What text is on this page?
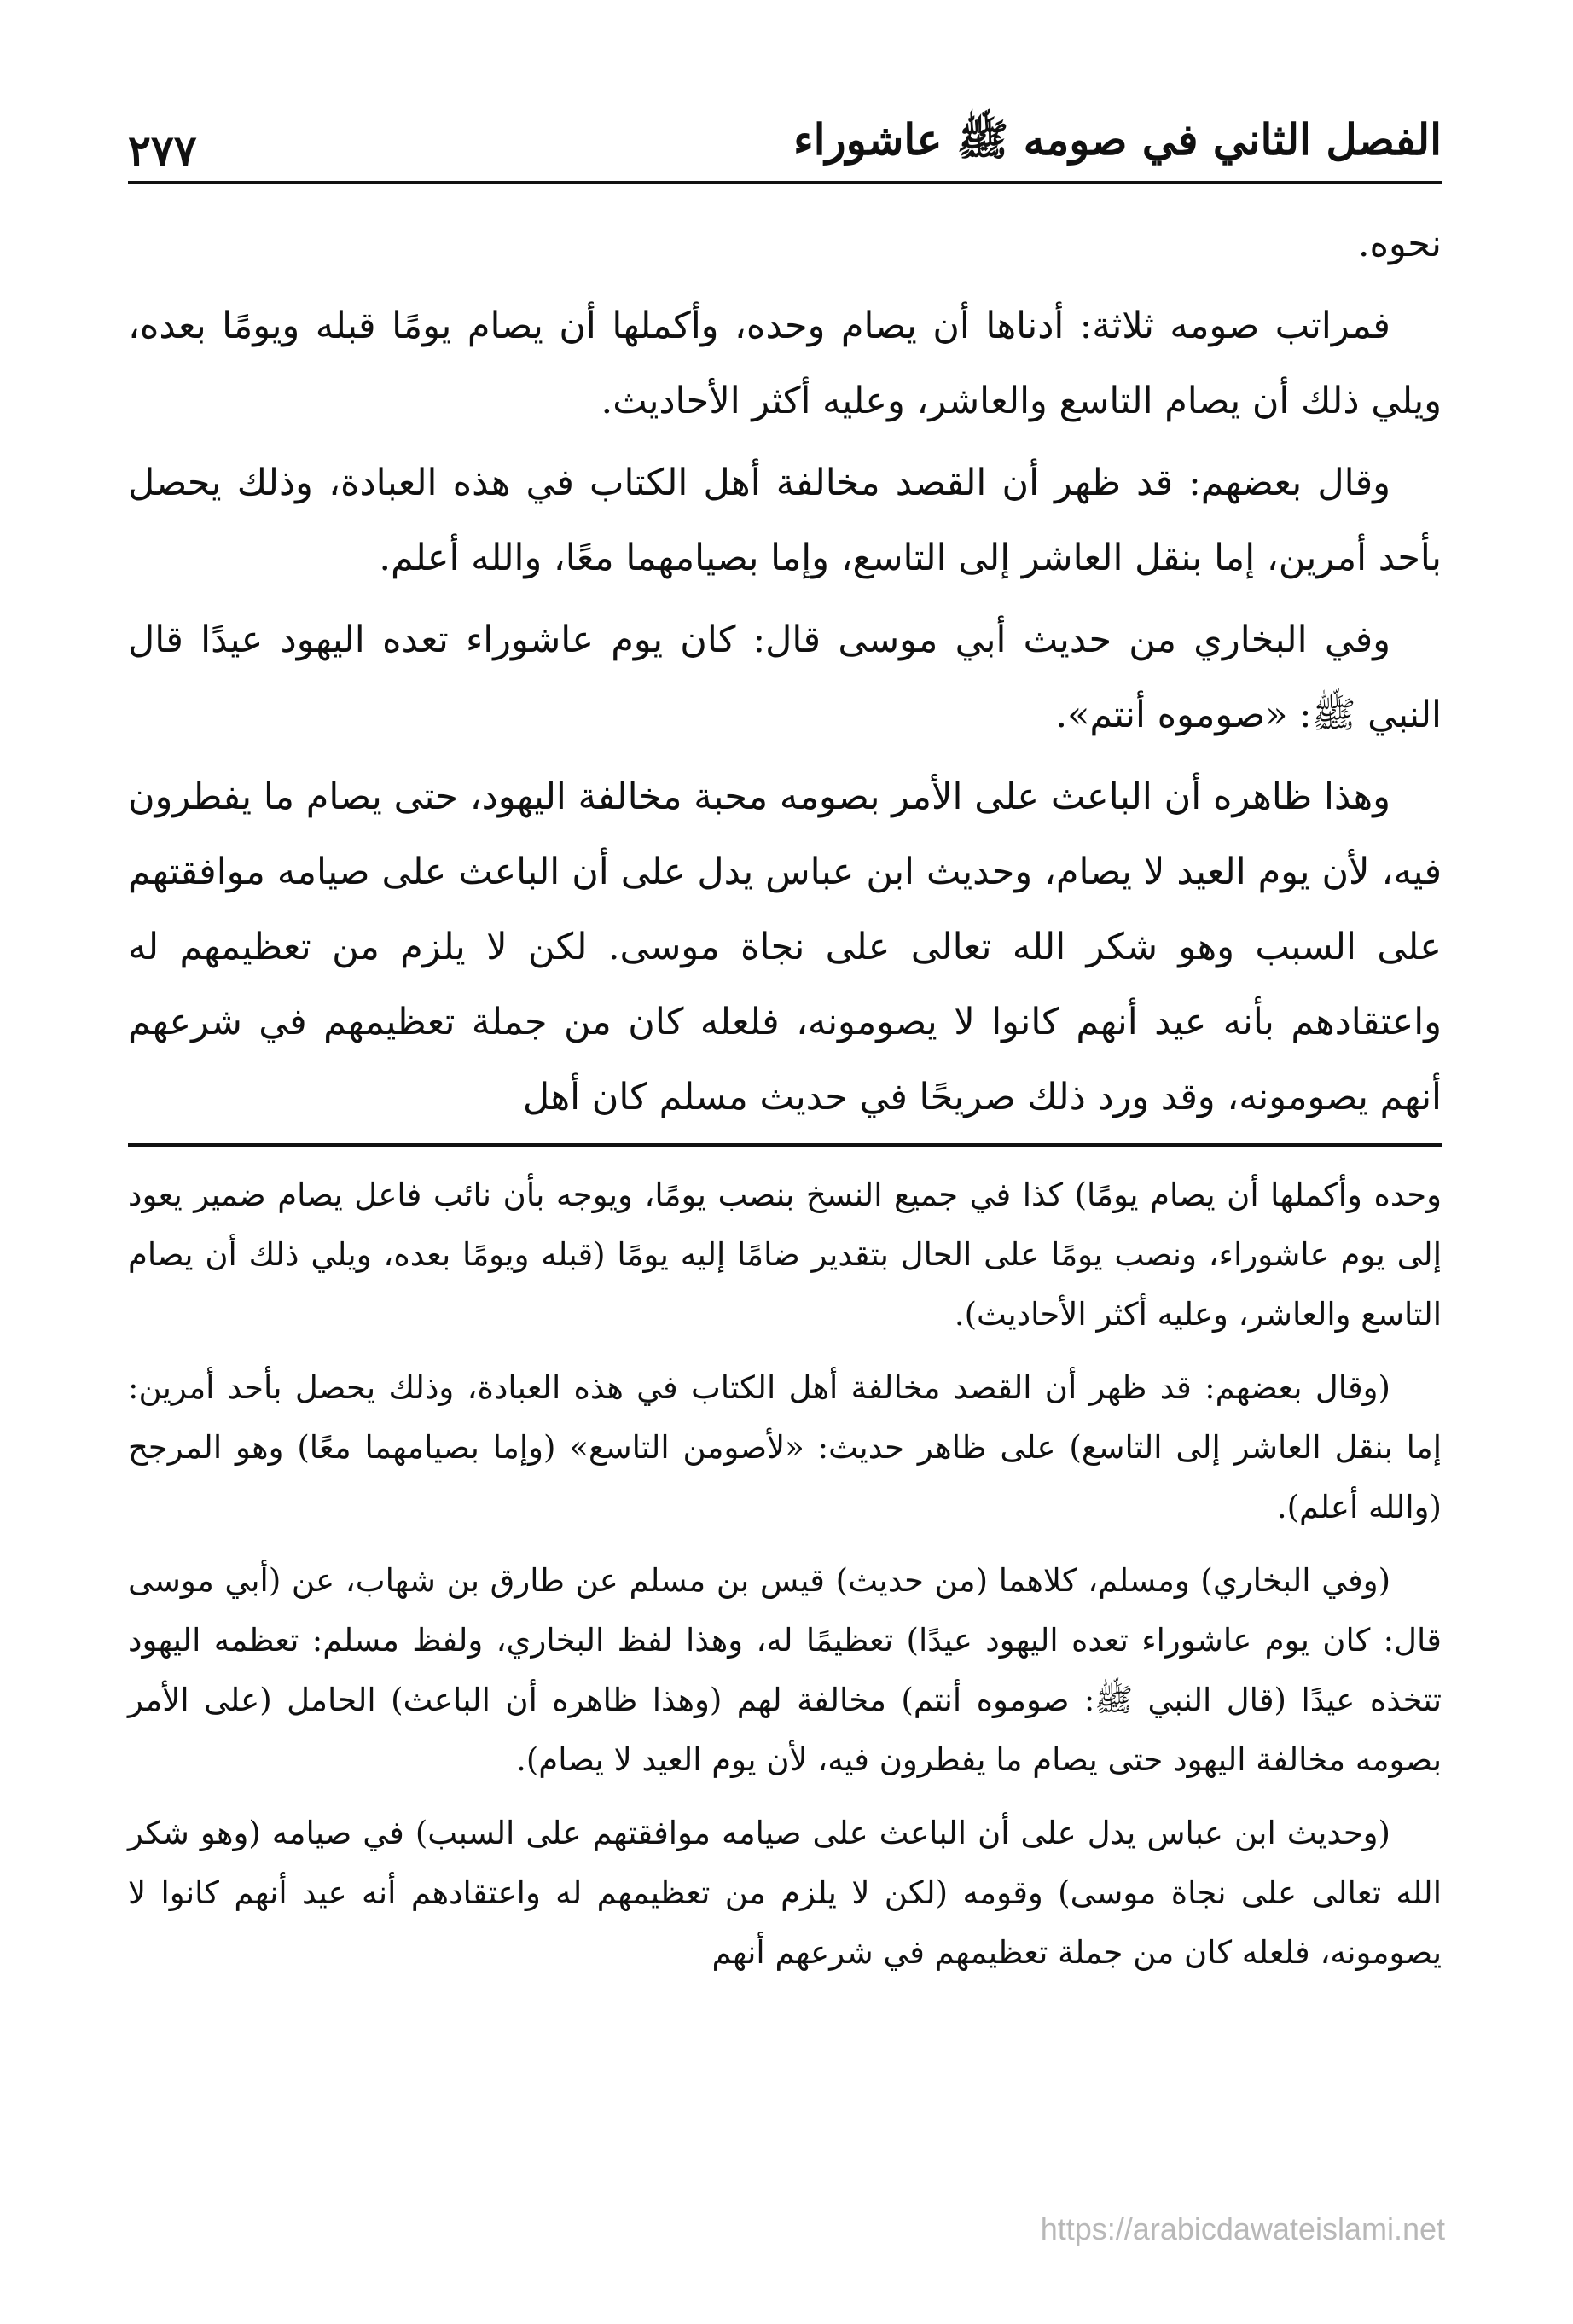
الفصل الثاني في صومه ﷺ عاشوراء
٢٧٧

نحوه.

فمراتب صومه ثلاثة: أدناها أن يصام وحده، وأكملها أن يصام يومًا قبله ويومًا بعده، ويلي ذلك أن يصام التاسع والعاشر، وعليه أكثر الأحاديث.

وقال بعضهم: قد ظهر أن القصد مخالفة أهل الكتاب في هذه العبادة، وذلك يحصل بأحد أمرين، إما بنقل العاشر إلى التاسع، وإما بصيامهما معًا، والله أعلم.

وفي البخاري من حديث أبي موسى قال: كان يوم عاشوراء تعده اليهود عيدًا قال النبي ﷺ: «صوموه أنتم».

وهذا ظاهره أن الباعث على الأمر بصومه محبة مخالفة اليهود، حتى يصام ما يفطرون فيه، لأن يوم العيد لا يصام، وحديث ابن عباس يدل على أن الباعث على صيامه موافقتهم على السبب وهو شكر الله تعالى على نجاة موسى. لكن لا يلزم من تعظيمهم له واعتقادهم بأنه عيد أنهم كانوا لا يصومونه، فلعله كان من جملة تعظيمهم في شرعهم أنهم يصومونه، وقد ورد ذلك صريحًا في حديث مسلم كان أهل

وحده وأكملها أن يصام يومًا) كذا في جميع النسخ بنصب يومًا، ويوجه بأن نائب فاعل يصام ضمير يعود إلى يوم عاشوراء، ونصب يومًا على الحال بتقدير ضامًا إليه يومًا (قبله ويومًا بعده، ويلي ذلك أن يصام التاسع والعاشر، وعليه أكثر الأحاديث).

(وقال بعضهم: قد ظهر أن القصد مخالفة أهل الكتاب في هذه العبادة، وذلك يحصل بأحد أمرين: إما بنقل العاشر إلى التاسع) على ظاهر حديث: «لأصومن التاسع» (وإما بصيامهما معًا) وهو المرجح (والله أعلم).

(وفي البخاري) ومسلم، كلاهما (من حديث) قيس بن مسلم عن طارق بن شهاب، عن (أبي موسى قال: كان يوم عاشوراء تعده اليهود عيدًا) تعظيمًا له، وهذا لفظ البخاري، ولفظ مسلم: تعظمه اليهود تتخذه عيدًا (قال النبي ﷺ: صوموه أنتم) مخالفة لهم (وهذا ظاهره أن الباعث) الحامل (على الأمر بصومه مخالفة اليهود حتى يصام ما يفطرون فيه، لأن يوم العيد لا يصام).

(وحديث ابن عباس يدل على أن الباعث على صيامه موافقتهم على السبب) في صيامه (وهو شكر الله تعالى على نجاة موسى) وقومه (لكن لا يلزم من تعظيمهم له واعتقادهم أنه عيد أنهم كانوا لا يصومونه، فلعله كان من جملة تعظيمهم في شرعهم أنهم

https://arabicdawateislami.net
